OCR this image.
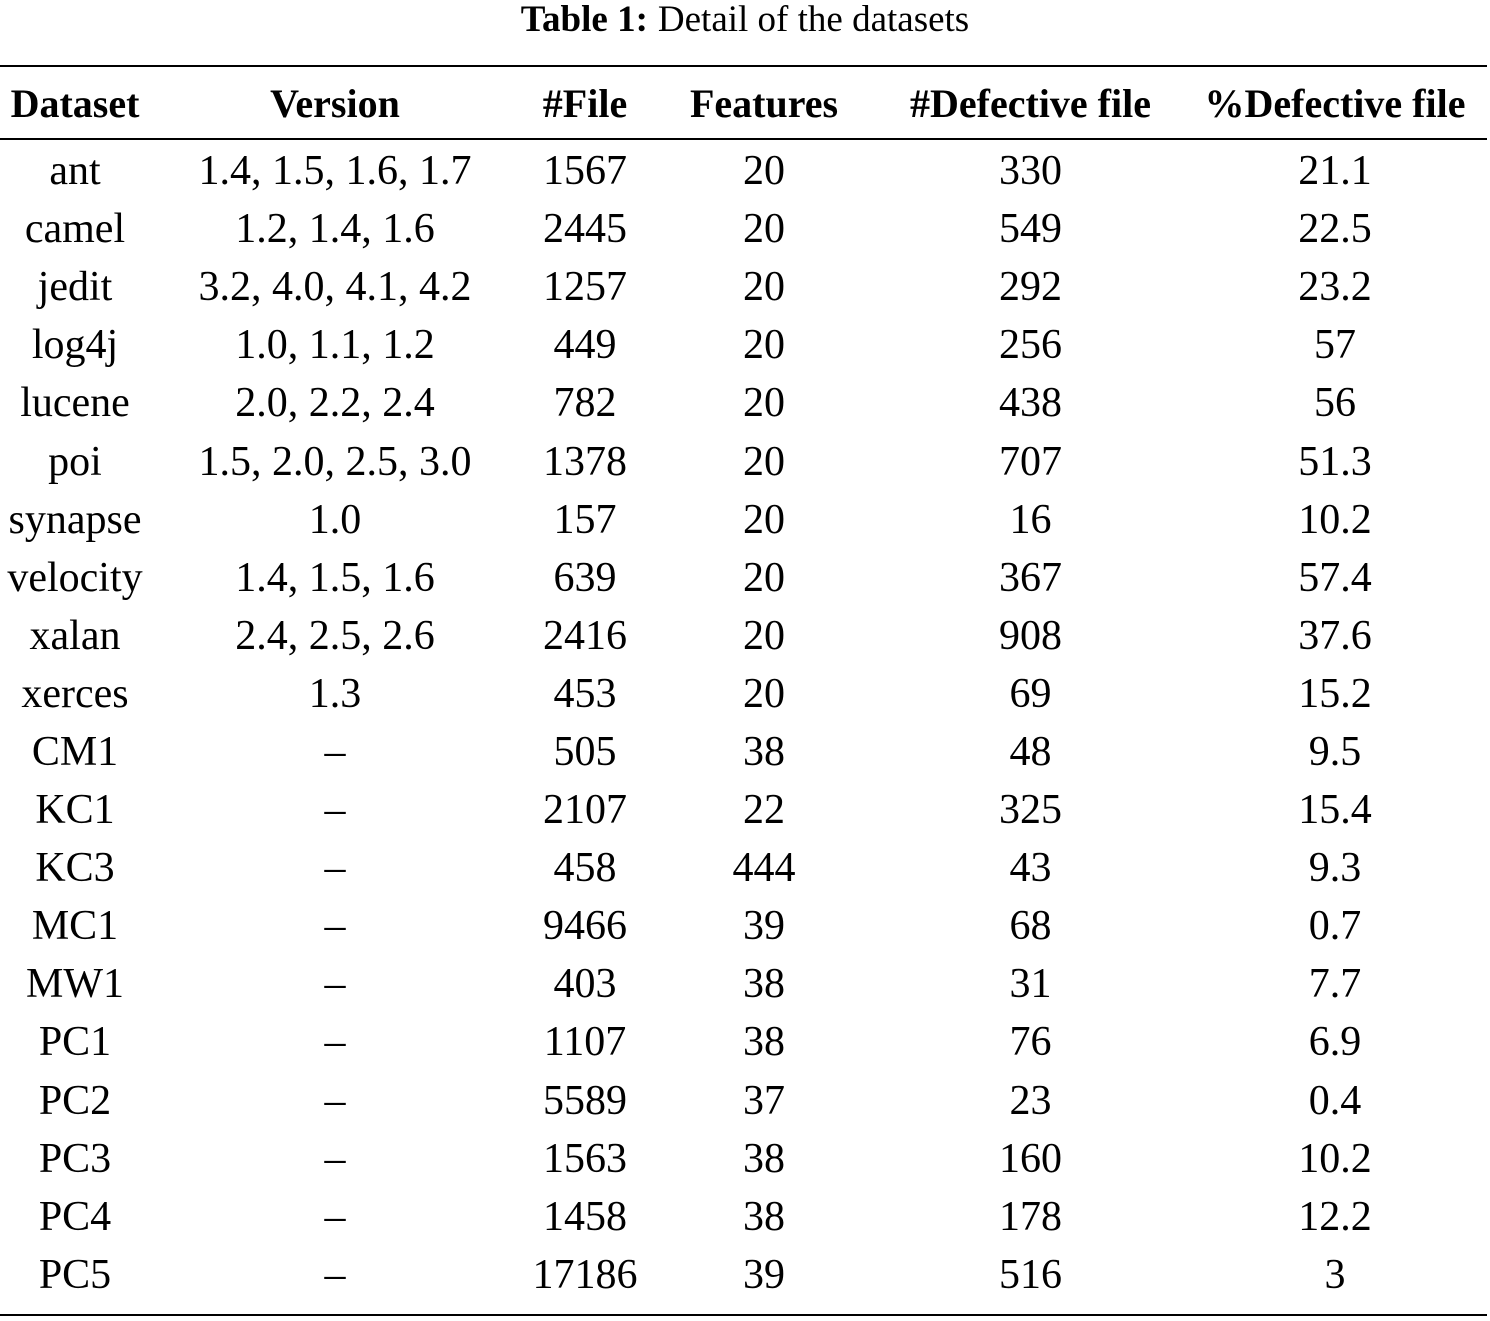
Table 1: Detail of the datasets
Dataset	Version	#File	Features	#Defective file	%Defective file
ant	1.4, 1.5, 1.6, 1.7	1567	20	330	21.1
camel	1.2, 1.4, 1.6	2445	20	549	22.5
jedit	3.2, 4.0, 4.1, 4.2	1257	20	292	23.2
log4j	1.0, 1.1, 1.2	449	20	256	57
lucene	2.0, 2.2, 2.4	782	20	438	56
poi	1.5, 2.0, 2.5, 3.0	1378	20	707	51.3
synapse	1.0	157	20	16	10.2
velocity	1.4, 1.5, 1.6	639	20	367	57.4
xalan	2.4, 2.5, 2.6	2416	20	908	37.6
xerces	1.3	453	20	69	15.2
CM1	–	505	38	48	9.5
KC1	–	2107	22	325	15.4
KC3	–	458	444	43	9.3
MC1	–	9466	39	68	0.7
MW1	–	403	38	31	7.7
PC1	–	1107	38	76	6.9
PC2	–	5589	37	23	0.4
PC3	–	1563	38	160	10.2
PC4	–	1458	38	178	12.2
PC5	–	17186	39	516	3
